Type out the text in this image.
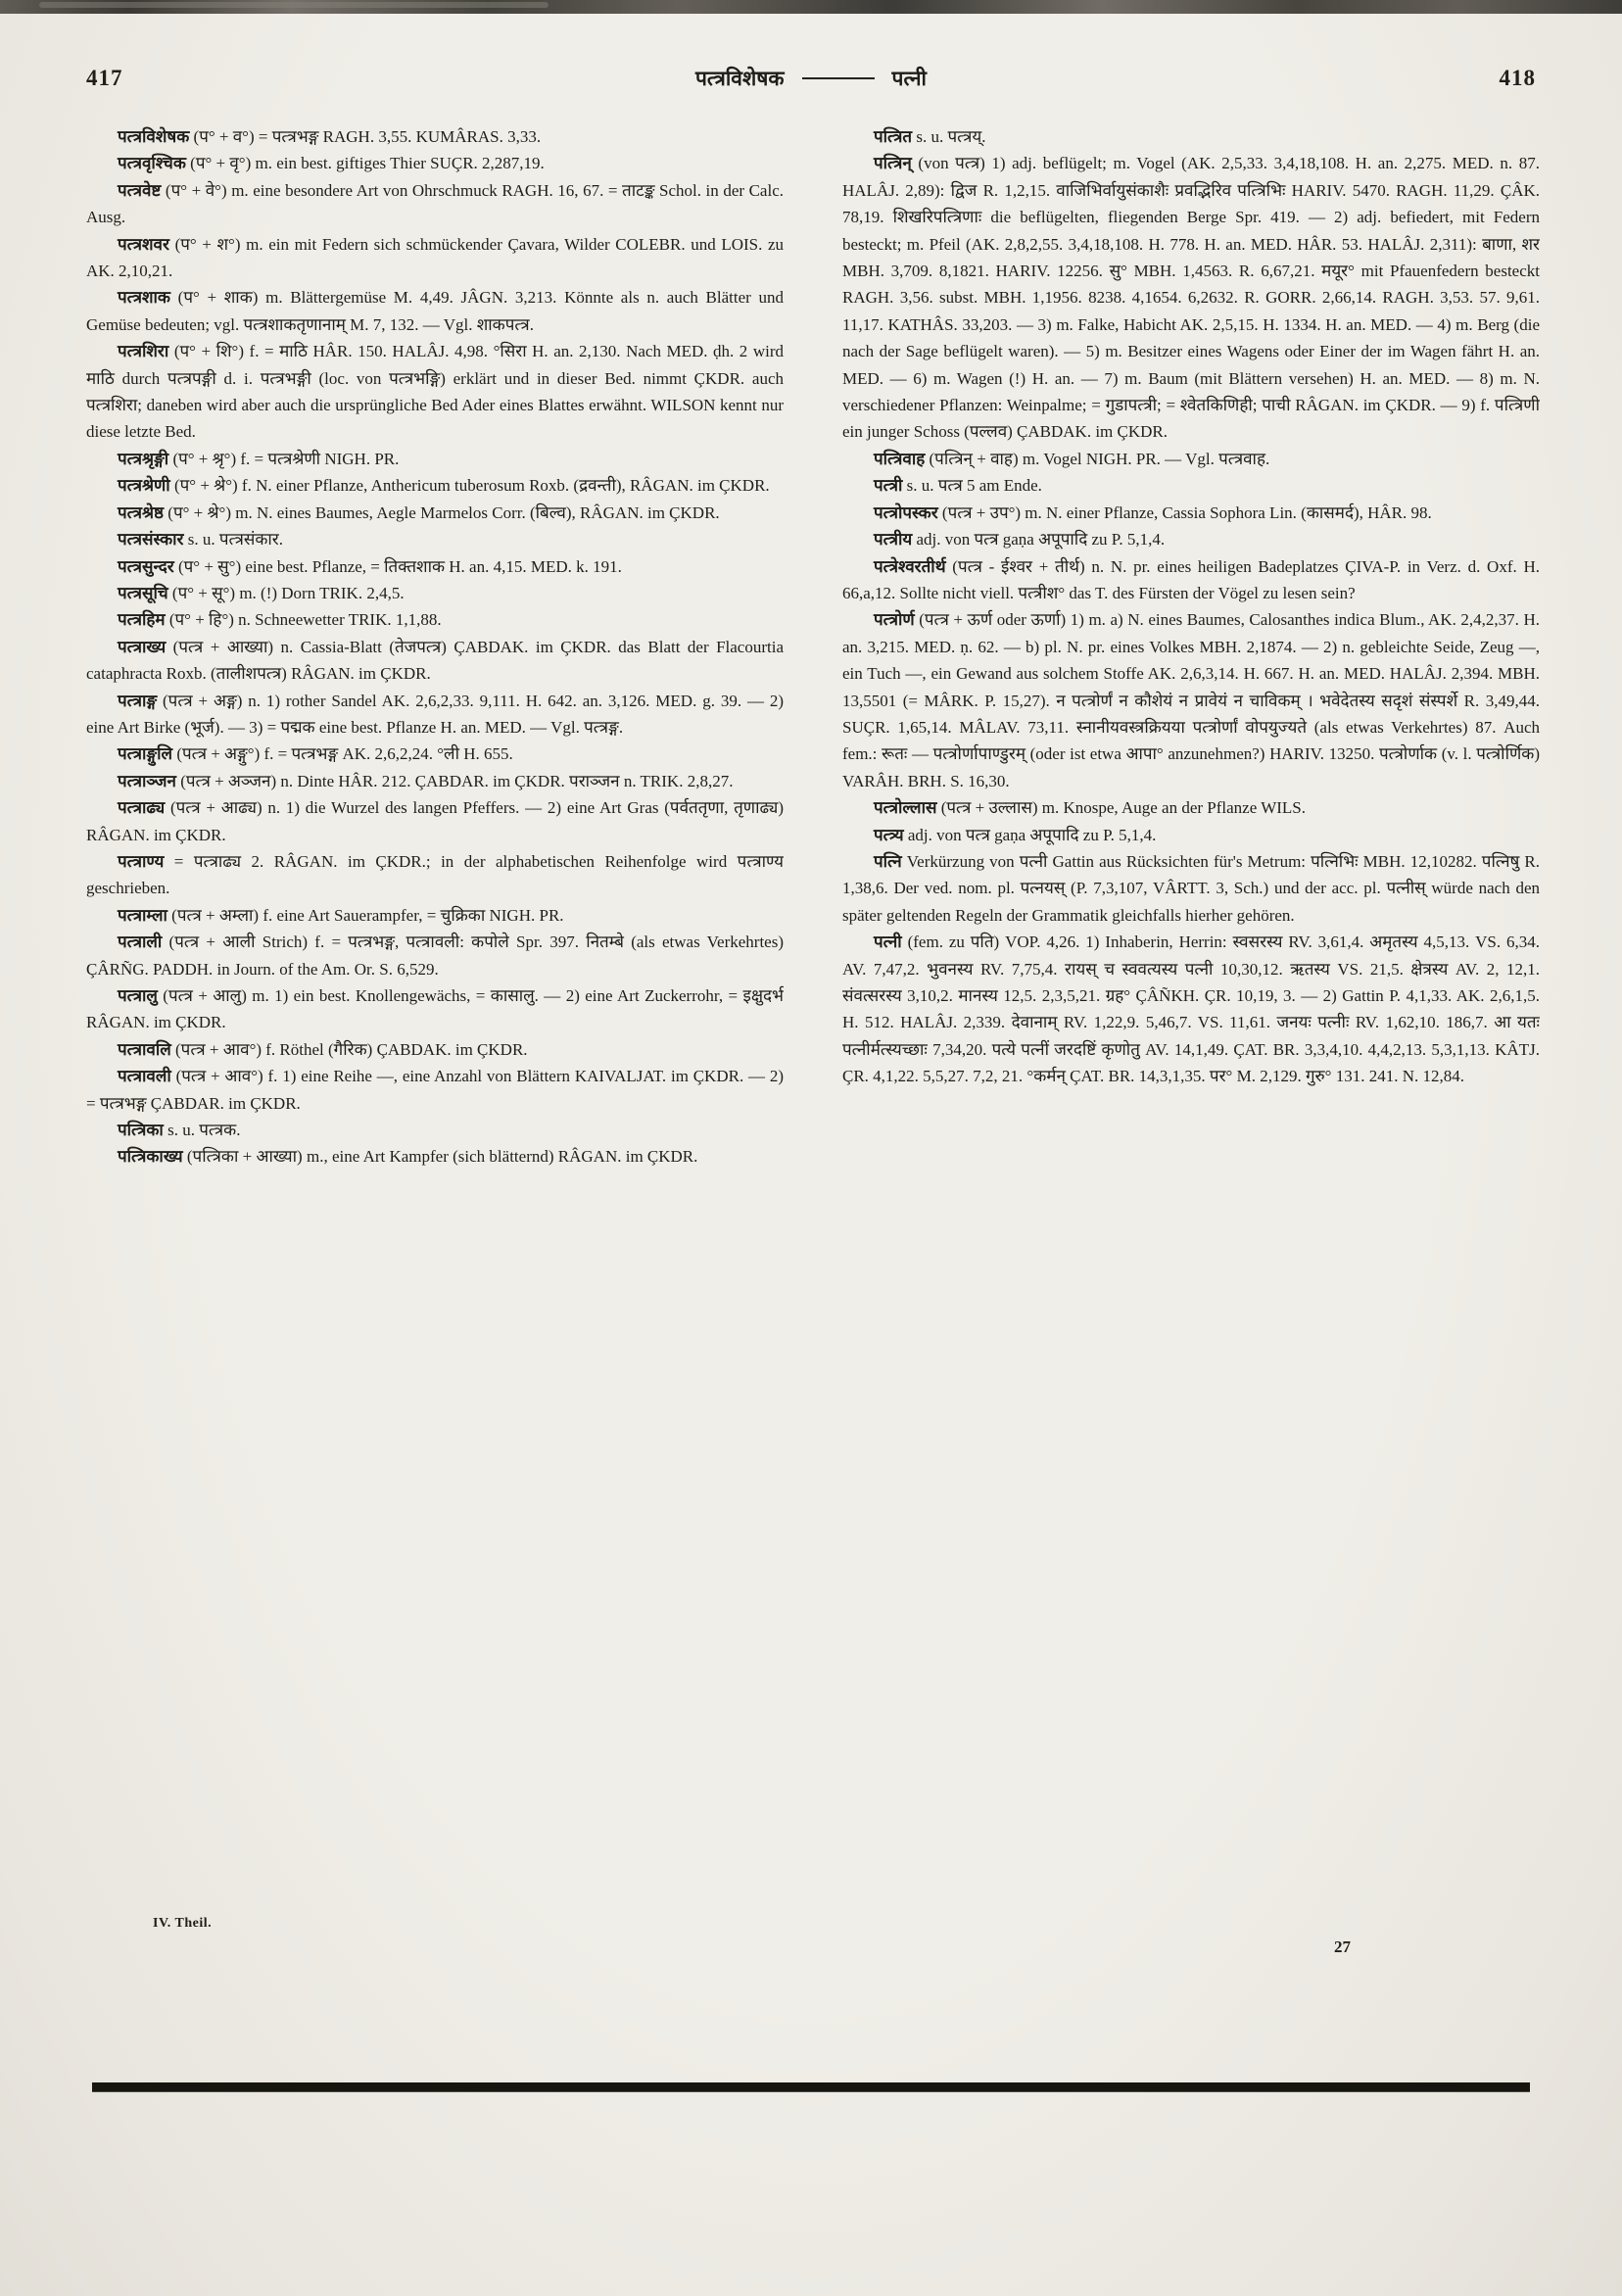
417	पत्त्रविशेषक	पत्नी	418

पत्त्रविशेषक (प° + व°) = पत्त्रभङ्ग RAGH. 3,55. KUMÂRAS. 3,33.

पत्त्रवृश्चिक (प° + वृ°) m. ein best. giftiges Thier SUÇR. 2,287,19.

पत्त्रवेष्ट (प° + वे°) m. eine besondere Art von Ohrschmuck RAGH. 16, 67. = ताटङ्क Schol. in der Calc. Ausg.

पत्त्रशवर (प° + श°) m. ein mit Federn sich schmückender Çavara, Wilder COLEBR. und LOIS. zu AK. 2,10,21.

पत्त्रशाक (प° + शाक) m. Blättergemüse M. 4,49. JÂGN. 3,213. Könnte als n. auch Blätter und Gemüse bedeuten; vgl. पत्त्रशाकतृणानाम् M. 7, 132. — Vgl. शाकपत्त्र.

पत्त्रशिरा (प° + शि°) f. = माठि HÂR. 150. HALÂJ. 4,98. °सिरा H. an. 2,130. Nach MED. ḍh. 2 wird माठि durch पत्त्रपङ्गी d. i. पत्त्रभङ्गी (loc. von पत्त्रभङ्गि) erklärt und in dieser Bed. nimmt ÇKDR. auch पत्त्रशिरा; daneben wird aber auch die ursprüngliche Bed Ader eines Blattes erwähnt. WILSON kennt nur diese letzte Bed.

पत्त्रश्रृङ्गी (प° + श्रृ°) f. = पत्त्रश्रेणी NIGH. PR.

पत्त्रश्रेणी (प° + श्रे°) f. N. einer Pflanze, Anthericum tuberosum Roxb. (द्रवन्ती), RÂGAN. im ÇKDR.

पत्त्रश्रेष्ठ (प° + श्रे°) m. N. eines Baumes, Aegle Marmelos Corr. (बिल्व), RÂGAN. im ÇKDR.

पत्त्रसंस्कार s. u. पत्त्रसंकार.

पत्त्रसुन्दर (प° + सु°) eine best. Pflanze, = तिक्तशाक H. an. 4,15. MED. k. 191.

पत्त्रसूचि (प° + सू°) m. (!) Dorn TRIK. 2,4,5.

पत्त्रहिम (प° + हि°) n. Schneewetter TRIK. 1,1,88.

पत्त्राख्य (पत्त्र + आख्या) n. Cassia-Blatt (तेजपत्त्र) ÇABDAK. im ÇKDR. das Blatt der Flacourtia cataphracta Roxb. (तालीशपत्त्र) RÂGAN. im ÇKDR.

पत्त्राङ्ग (पत्त्र + अङ्ग) n. 1) rother Sandel AK. 2,6,2,33. 9,111. H. 642. an. 3,126. MED. g. 39. — 2) eine Art Birke (भूर्ज). — 3) = पद्मक eine best. Pflanze H. an. MED. — Vgl. पत्त्रङ्ग.

पत्त्राङ्गुलि (पत्त्र + अङ्गु°) f. = पत्त्रभङ्ग AK. 2,6,2,24. °ली H. 655.

पत्त्राञ्जन (पत्त्र + अञ्जन) n. Dinte HÂR. 212. ÇABDAR. im ÇKDR. पराञ्जन n. TRIK. 2,8,27.

पत्त्राढ्य (पत्त्र + आढ्य) n. 1) die Wurzel des langen Pfeffers. — 2) eine Art Gras (पर्वततृणा, तृणाढ्य) RÂGAN. im ÇKDR.

पत्त्राण्य = पत्त्राढ्य 2. RÂGAN. im ÇKDR.; in der alphabetischen Reihenfolge wird पत्त्राण्य geschrieben.

पत्त्राम्ला (पत्त्र + अम्ला) f. eine Art Sauerampfer, = चुक्रिका NIGH. PR.

पत्त्राली (पत्त्र + आली Strich) f. = पत्त्रभङ्ग, पत्त्रावली: कपोले Spr. 397. नितम्बे (als etwas Verkehrtes) ÇÂRÑG. PADDH. in Journ. of the Am. Or. S. 6,529.

पत्त्रालु (पत्त्र + आलु) m. 1) ein best. Knollengewächs, = कासालु. — 2) eine Art Zuckerrohr, = इक्षुदर्भ RÂGAN. im ÇKDR.

पत्त्रावलि (पत्त्र + आव°) f. Röthel (गैरिक) ÇABDAK. im ÇKDR.

पत्त्रावली (पत्त्र + आव°) f. 1) eine Reihe —, eine Anzahl von Blättern KAIVALJAT. im ÇKDR. — 2) = पत्त्रभङ्ग ÇABDAR. im ÇKDR.

पत्त्रिका s. u. पत्त्रक.

पत्त्रिकाख्य (पत्त्रिका + आख्या) m., eine Art Kampfer (sich blätternd) RÂGAN. im ÇKDR.

पत्त्रित s. u. पत्त्रय्.

पत्त्रिन् (von पत्त्र) 1) adj. beflügelt; m. Vogel (AK. 2,5,33. 3,4,18,108. H. an. 2,275. MED. n. 87. HALÂJ. 2,89): द्विज R. 1,2,15. वाजिभिर्वायुसंकाशैः प्रवद्भिरिव पत्त्रिभिः HARIV. 5470. RAGH. 11,29. ÇÂK. 78,19. शिखरिपत्त्रिणाः die beflügelten, fliegenden Berge Spr. 419. — 2) adj. befiedert, mit Federn besteckt; m. Pfeil (AK. 2,8,2,55. 3,4,18,108. H. 778. H. an. MED. HÂR. 53. HALÂJ. 2,311): बाणा, शर MBH. 3,709. 8,1821. HARIV. 12256. सु° MBH. 1,4563. R. 6,67,21. मयूर° mit Pfauenfedern besteckt RAGH. 3,56. subst. MBH. 1,1956. 8238. 4,1654. 6,2632. R. GORR. 2,66,14. RAGH. 3,53. 57. 9,61. 11,17. KATHÂS. 33,203. — 3) m. Falke, Habicht AK. 2,5,15. H. 1334. H. an. MED. — 4) m. Berg (die nach der Sage beflügelt waren). — 5) m. Besitzer eines Wagens oder Einer der im Wagen fährt H. an. MED. — 6) m. Wagen (!) H. an. — 7) m. Baum (mit Blättern versehen) H. an. MED. — 8) m. N. verschiedener Pflanzen: Weinpalme; = गुडापत्त्री; = श्वेतकिणिही; पाची RÂGAN. im ÇKDR. — 9) f. पत्त्रिणी ein junger Schoss (पल्लव) ÇABDAK. im ÇKDR.

पत्त्रिवाह (पत्त्रिन् + वाह) m. Vogel NIGH. PR. — Vgl. पत्त्रवाह.

पत्त्री s. u. पत्त्र 5 am Ende.

पत्त्रोपस्कर (पत्त्र + उप°) m. N. einer Pflanze, Cassia Sophora Lin. (कासमर्द), HÂR. 98.

पत्त्रीय adj. von पत्त्र gaṇa अपूपादि zu P. 5,1,4.

पत्त्रेश्वरतीर्थ (पत्त्र - ईश्वर + तीर्थ) n. N. pr. eines heiligen Badeplatzes ÇIVA-P. in Verz. d. Oxf. H. 66,a,12. Sollte nicht viell. पत्त्रीश° das T. des Fürsten der Vögel zu lesen sein?

पत्त्रोर्ण (पत्त्र + ऊर्ण oder ऊर्णा) 1) m. a) N. eines Baumes, Calosanthes indica Blum., AK. 2,4,2,37. H. an. 3,215. MED. ṇ. 62. — b) pl. N. pr. eines Volkes MBH. 2,1874. — 2) n. gebleichte Seide, Zeug —, ein Tuch —, ein Gewand aus solchem Stoffe AK. 2,6,3,14. H. 667. H. an. MED. HALÂJ. 2,394. MBH. 13,5501 (= MÂRK. P. 15,27). न पत्त्रोर्णं न कौशेयं न प्रावेयं न चाविकम् । भवेदेतस्य सदृशं संस्पर्शे R. 3,49,44. SUÇR. 1,65,14. MÂLAV. 73,11. स्नानीयवस्त्रक्रियया पत्त्रोर्णां वोपयुज्यते (als etwas Verkehrtes) 87. Auch fem.: रूतः — पत्त्रोर्णापाण्डुरम् (oder ist etwa आपा° anzunehmen?) HARIV. 13250. पत्त्रोर्णाक (v. l. पत्त्रोर्णिक) VARÂH. BRH. S. 16,30.

पत्त्रोल्लास (पत्त्र + उल्लास) m. Knospe, Auge an der Pflanze WILS.

पत्त्र्य adj. von पत्त्र gaṇa अपूपादि zu P. 5,1,4.

पत्नि Verkürzung von पत्नी Gattin aus Rücksichten für's Metrum: पत्निभिः MBH. 12,10282. पत्निषु R. 1,38,6. Der ved. nom. pl. पत्नयस् (P. 7,3,107, VÂRTT. 3, Sch.) und der acc. pl. पत्नीस् würde nach den später geltenden Regeln der Grammatik gleichfalls hierher gehören.

पत्नी (fem. zu पति) VOP. 4,26. 1) Inhaberin, Herrin: स्वसरस्य RV. 3,61,4. अमृतस्य 4,5,13. VS. 6,34. AV. 7,47,2. भुवनस्य RV. 7,75,4. रायस् च स्ववत्यस्य पत्नी 10,30,12. ऋतस्य VS. 21,5. क्षेत्रस्य AV. 2, 12,1. संवत्सरस्य 3,10,2. मानस्य 12,5. 2,3,5,21. ग्रह° ÇÂÑKH. ÇR. 10,19, 3. — 2) Gattin P. 4,1,33. AK. 2,6,1,5. H. 512. HALÂJ. 2,339. देवानाम् RV. 1,22,9. 5,46,7. VS. 11,61. जनयः पत्नीः RV. 1,62,10. 186,7. आ यतः पत्नीर्मत्स्यच्छाः 7,34,20. पत्ये पत्नीं जरदष्टिं कृणोतु AV. 14,1,49. ÇAT. BR. 3,3,4,10. 4,4,2,13. 5,3,1,13. KÂTJ. ÇR. 4,1,22. 5,5,27. 7,2, 21. °कर्मन् ÇAT. BR. 14,3,1,35. पर° M. 2,129. गुरु° 131. 241. N. 12,84.

IV. Theil.
27
